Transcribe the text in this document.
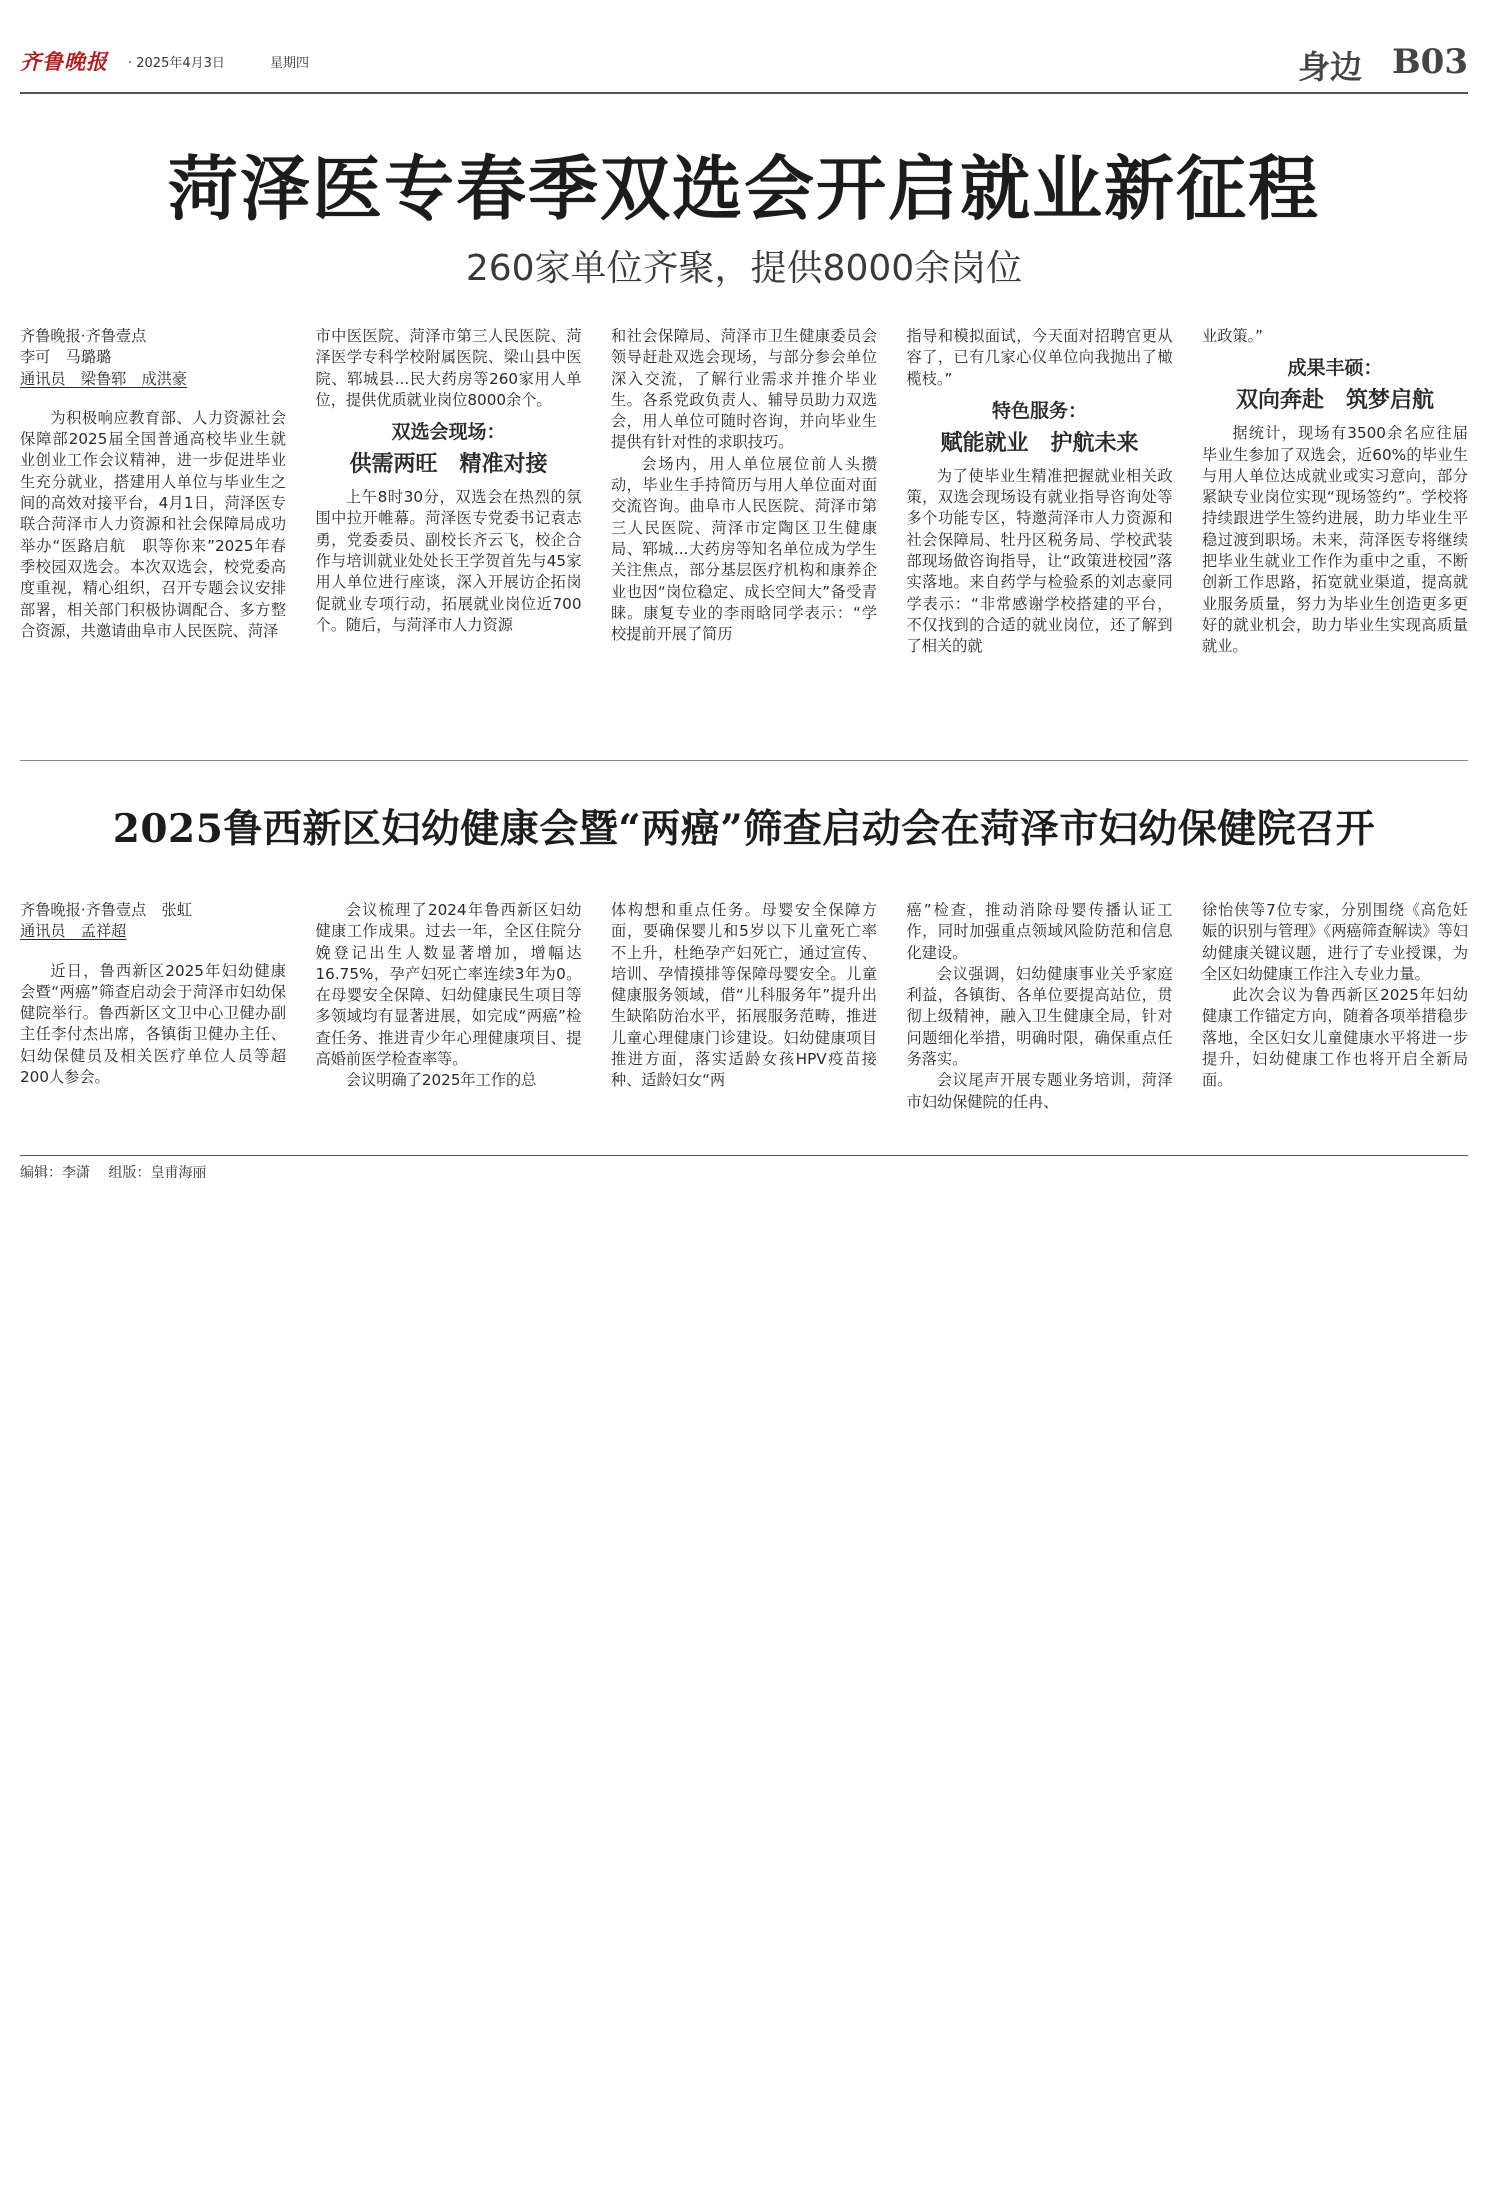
齐鲁晚报 · 2025年4月3日	星期四	身边 B03
菏泽医专春季双选会开启就业新征程
260家单位齐聚，提供8000余岗位
齐鲁晚报·齐鲁壹点
李可　马璐璐
通讯员　梁鲁郓　成洪豪

为积极响应教育部、人力资源社会保障部2025届全国普通高校毕业生就业创业工作会议精神，进一步促进毕业生充分就业，搭建用人单位与毕业生之间的高效对接平台，4月1日，菏泽医专联合菏泽市人力资源和社会保障局成功举办“医路启航　职等你来”2025年春季校园双选会。本次双选会，校党委高度重视，精心组织，召开专题会议安排部署，相关部门积极协调配合、多方整合资源，共邀请曲阜市人民医院、菏泽

市中医医院、菏泽市第三人民医院、菏泽医学专科学校附属医院、梁山县中医院、郓城县...民大药房等260家用人单位，提供优质就业岗位8000余个。

双选会现场：
供需两旺　精准对接

上午8时30分，双选会在热烈的氛围中拉开帷幕。菏泽医专党委书记袁志勇，党委委员、副校长齐云飞，校企合作与培训就业处处长王学贺首先与45家用人单位进行座谈，深入开展访企拓岗促就业专项行动，拓展就业岗位近700个。随后，与菏泽市人力资源

和社会保障局、菏泽市卫生健康委员会领导赶赴双选会现场，与部分参会单位深入交流，了解行业需求并推介毕业生。各系党政负责人、辅导员助力双选会，用人单位可随时咨询，并向毕业生提供有针对性的求职技巧。

会场内，用人单位展位前人头攒动，毕业生手持简历与用人单位面对面交流咨询。曲阜市人民医院、菏泽市第三人民医院、菏泽市定陶区卫生健康局、郓城...大药房等知名单位成为学生关注焦点，部分基层医疗机构和康养企业也因“岗位稳定、成长空间大”备受青睐。康复专业的李雨晗同学表示：“学校提前开展了简历

指导和模拟面试，今天面对招聘官更从容了，已有几家心仪单位向我抛出了橄榄枝。”

特色服务：
赋能就业　护航未来

为了使毕业生精准把握就业相关政策，双选会现场设有就业指导咨询处等多个功能专区，特邀菏泽市人力资源和社会保障局、牡丹区税务局、学校武装部现场做咨询指导，让“政策进校园”落实落地。来自药学与检验系的刘志豪同学表示：“非常感谢学校搭建的平台，不仅找到的合适的就业岗位，还了解到了相关的就

业政策。”

成果丰硕：
双向奔赴　筑梦启航

据统计，现场有3500余名应往届毕业生参加了双选会，近60%的毕业生与用人单位达成就业或实习意向，部分紧缺专业岗位实现“现场签约”。学校将持续跟进学生签约进展，助力毕业生平稳过渡到职场。未来，菏泽医专将继续把毕业生就业工作作为重中之重，不断创新工作思路，拓宽就业渠道，提高就业服务质量，努力为毕业生创造更多更好的就业机会，助力毕业生实现高质量就业。

2025鲁西新区妇幼健康会暨“两癌”筛查启动会在菏泽市妇幼保健院召开
齐鲁晚报·齐鲁壹点　张虹
通讯员　孟祥超

近日，鲁西新区2025年妇幼健康会暨“两癌”筛查启动会于菏泽市妇幼保健院举行。鲁西新区文卫中心卫健办副主任李付杰出席，各镇街卫健办主任、妇幼保健员及相关医疗单位人员等超200人参会。

会议梳理了2024年鲁西新区妇幼健康工作成果。过去一年，全区住院分娩登记出生人数显著增加，增幅达16.75%，孕产妇死亡率连续3年为0。在母婴安全保障、妇幼健康民生项目等多领域均有显著进展，如完成“两癌”检查任务、推进青少年心理健康项目、提高婚前医学检查率等。

会议明确了2025年工作的总

体构想和重点任务。母婴安全保障方面，要确保婴儿和5岁以下儿童死亡率不上升，杜绝孕产妇死亡，通过宣传、培训、孕情摸排等保障母婴安全。儿童健康服务领域，借“儿科服务年”提升出生缺陷防治水平，拓展服务范畴，推进儿童心理健康门诊建设。妇幼健康项目推进方面，落实适龄女孩HPV疫苗接种、适龄妇女“两

癌”检查，推动消除母婴传播认证工作，同时加强重点领域风险防范和信息化建设。

会议强调，妇幼健康事业关乎家庭利益，各镇街、各单位要提高站位，贯彻上级精神，融入卫生健康全局，针对问题细化举措，明确时限，确保重点任务落实。

会议尾声开展专题业务培训，菏泽市妇幼保健院的任冉、

徐怡侠等7位专家，分别围绕《高危妊娠的识别与管理》《两癌筛查解读》等妇幼健康关键议题，进行了专业授课，为全区妇幼健康工作注入专业力量。

此次会议为鲁西新区2025年妇幼健康工作锚定方向，随着各项举措稳步落地，全区妇女儿童健康水平将进一步提升，妇幼健康工作也将开启全新局面。

编辑：李潇 组版：皇甫海丽
